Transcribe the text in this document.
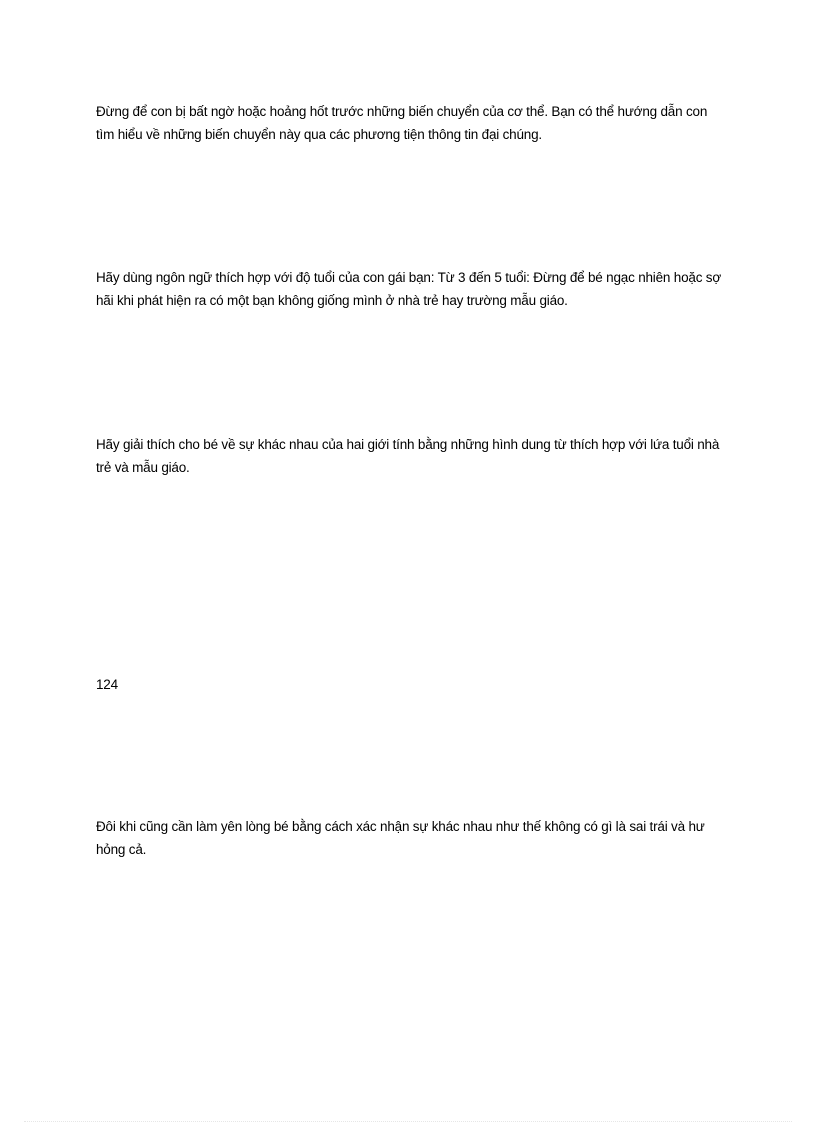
Đừng để con bị bất ngờ hoặc hoảng hốt trước những biến chuyển của cơ thể. Bạn có thể hướng dẫn con tìm hiểu về những biến chuyển này qua các phương tiện thông tin đại chúng.

Hãy dùng ngôn ngữ thích hợp với độ tuổi của con gái bạn: Từ 3 đến 5 tuổi: Đừng để bé ngạc nhiên hoặc sợ hãi khi phát hiện ra có một bạn không giống mình ở nhà trẻ hay trường mẫu giáo.

Hãy giải thích cho bé về sự khác nhau của hai giới tính bằng những hình dung từ thích hợp với lứa tuổi nhà trẻ và mẫu giáo.

124

Đôi khi cũng cần làm yên lòng bé bằng cách xác nhận sự khác nhau như thế không có gì là sai trái và hư hỏng cả.
